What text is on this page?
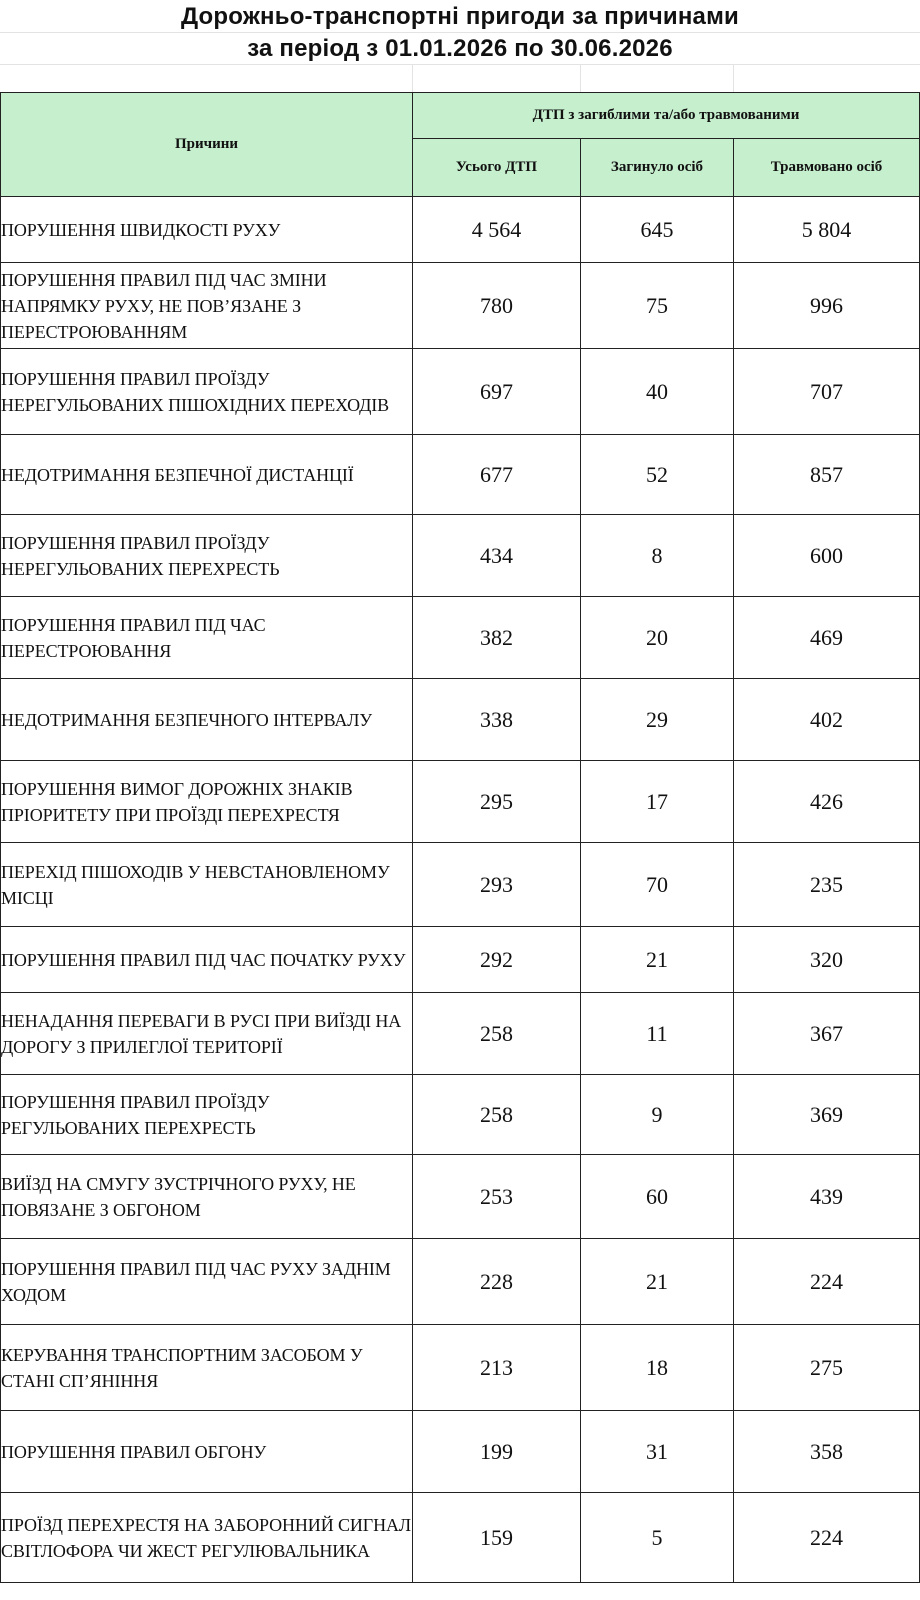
Дорожньо-транспортні пригоди за причинами
за період з 01.01.2026 по 30.06.2026
Причини	ДТП з загиблими та/або травмованими		
	Усього ДТП	Загинуло осіб	Травмовано осіб
ПОРУШЕННЯ ШВИДКОСТІ РУХУ	4 564	645	5 804
ПОРУШЕННЯ ПРАВИЛ ПІД ЧАС ЗМІНИ НАПРЯМКУ РУХУ, НЕ ПОВ’ЯЗАНЕ З ПЕРЕСТРОЮВАННЯМ	780	75	996
ПОРУШЕННЯ ПРАВИЛ ПРОЇЗДУ НЕРЕГУЛЬОВАНИХ ПІШОХІДНИХ ПЕРЕХОДІВ	697	40	707
НЕДОТРИМАННЯ БЕЗПЕЧНОЇ ДИСТАНЦІЇ	677	52	857
ПОРУШЕННЯ ПРАВИЛ ПРОЇЗДУ НЕРЕГУЛЬОВАНИХ ПЕРЕХРЕСТЬ	434	8	600
ПОРУШЕННЯ ПРАВИЛ ПІД ЧАС ПЕРЕСТРОЮВАННЯ	382	20	469
НЕДОТРИМАННЯ БЕЗПЕЧНОГО ІНТЕРВАЛУ	338	29	402
ПОРУШЕННЯ ВИМОГ ДОРОЖНІХ ЗНАКІВ ПРІОРИТЕТУ ПРИ ПРОЇЗДІ ПЕРЕХРЕСТЯ	295	17	426
ПЕРЕХІД ПІШОХОДІВ У НЕВСТАНОВЛЕНОМУ МІСЦІ	293	70	235
ПОРУШЕННЯ ПРАВИЛ ПІД ЧАС ПОЧАТКУ РУХУ	292	21	320
НЕНАДАННЯ ПЕРЕВАГИ В РУСІ ПРИ ВИЇЗДІ НА ДОРОГУ З ПРИЛЕГЛОЇ ТЕРИТОРІЇ	258	11	367
ПОРУШЕННЯ ПРАВИЛ ПРОЇЗДУ РЕГУЛЬОВАНИХ ПЕРЕХРЕСТЬ	258	9	369
ВИЇЗД НА СМУГУ ЗУСТРІЧНОГО РУХУ, НЕ ПОВЯЗАНЕ З ОБГОНОМ	253	60	439
ПОРУШЕННЯ ПРАВИЛ ПІД ЧАС РУХУ ЗАДНІМ ХОДОМ	228	21	224
КЕРУВАННЯ ТРАНСПОРТНИМ ЗАСОБОМ У СТАНІ СП’ЯНІННЯ	213	18	275
ПОРУШЕННЯ ПРАВИЛ ОБГОНУ	199	31	358
ПРОЇЗД ПЕРЕХРЕСТЯ НА ЗАБОРОННИЙ СИГНАЛ СВІТЛОФОРА ЧИ ЖЕСТ РЕГУЛЮВАЛЬНИКА	159	5	224
